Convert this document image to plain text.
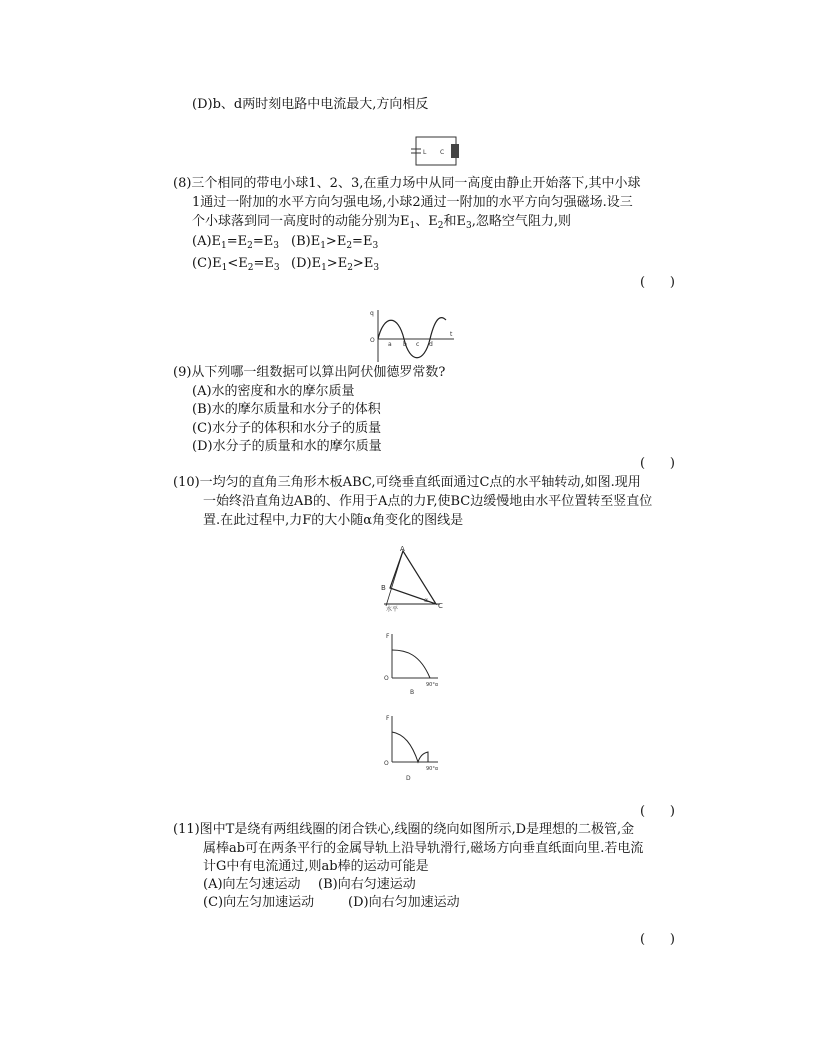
(D)b、d两时刻电路中电流最大,方向相反
L C
(8)三个相同的带电小球1、2、3,在重力场中从同一高度由静止开始落下,其中小球
1通过一附加的水平方向匀强电场,小球2通过一附加的水平方向匀强磁场.设三
个小球落到同一高度时的动能分别为$E_1$、$E_2$和$E_3$,忽略空气阻力,则
$(A)E_1=E_2=E_3$ $(B)E_1>E_2=E_3$
$(C)E_1<E_2=E_3$ $(D)E_1>E_2>E_3$
(      )
q
O
a b c d
t
(9)从下列哪一组数据可以算出阿伏伽德罗常数?
(A)水的密度和水的摩尔质量
(B)水的摩尔质量和水分子的体积
(C)水分子的体积和水分子的质量
(D)水分子的质量和水的摩尔质量
(      )
(10)一均匀的直角三角形木板ABC,可绕垂直纸面通过C点的水平轴转动,如图.现用
一始终沿直角边AB的、作用于A点的力F,使BC边缓慢地由水平位置转至竖直位
置.在此过程中,力F的大小随α角变化的图线是
A
B
C
α
水平
F
O
90°α
B
F
O
90°α
D
(      )
(11)图中T是绕有两组线圈的闭合铁心,线圈的绕向如图所示,D是理想的二极管,金
属棒ab可在两条平行的金属导轨上沿导轨滑行,磁场方向垂直纸面向里.若电流
计G中有电流通过,则ab棒的运动可能是
(A)向左匀速运动 (B)向右匀速运动
(C)向左匀加速运动	(D)向右匀加速运动
(      )
